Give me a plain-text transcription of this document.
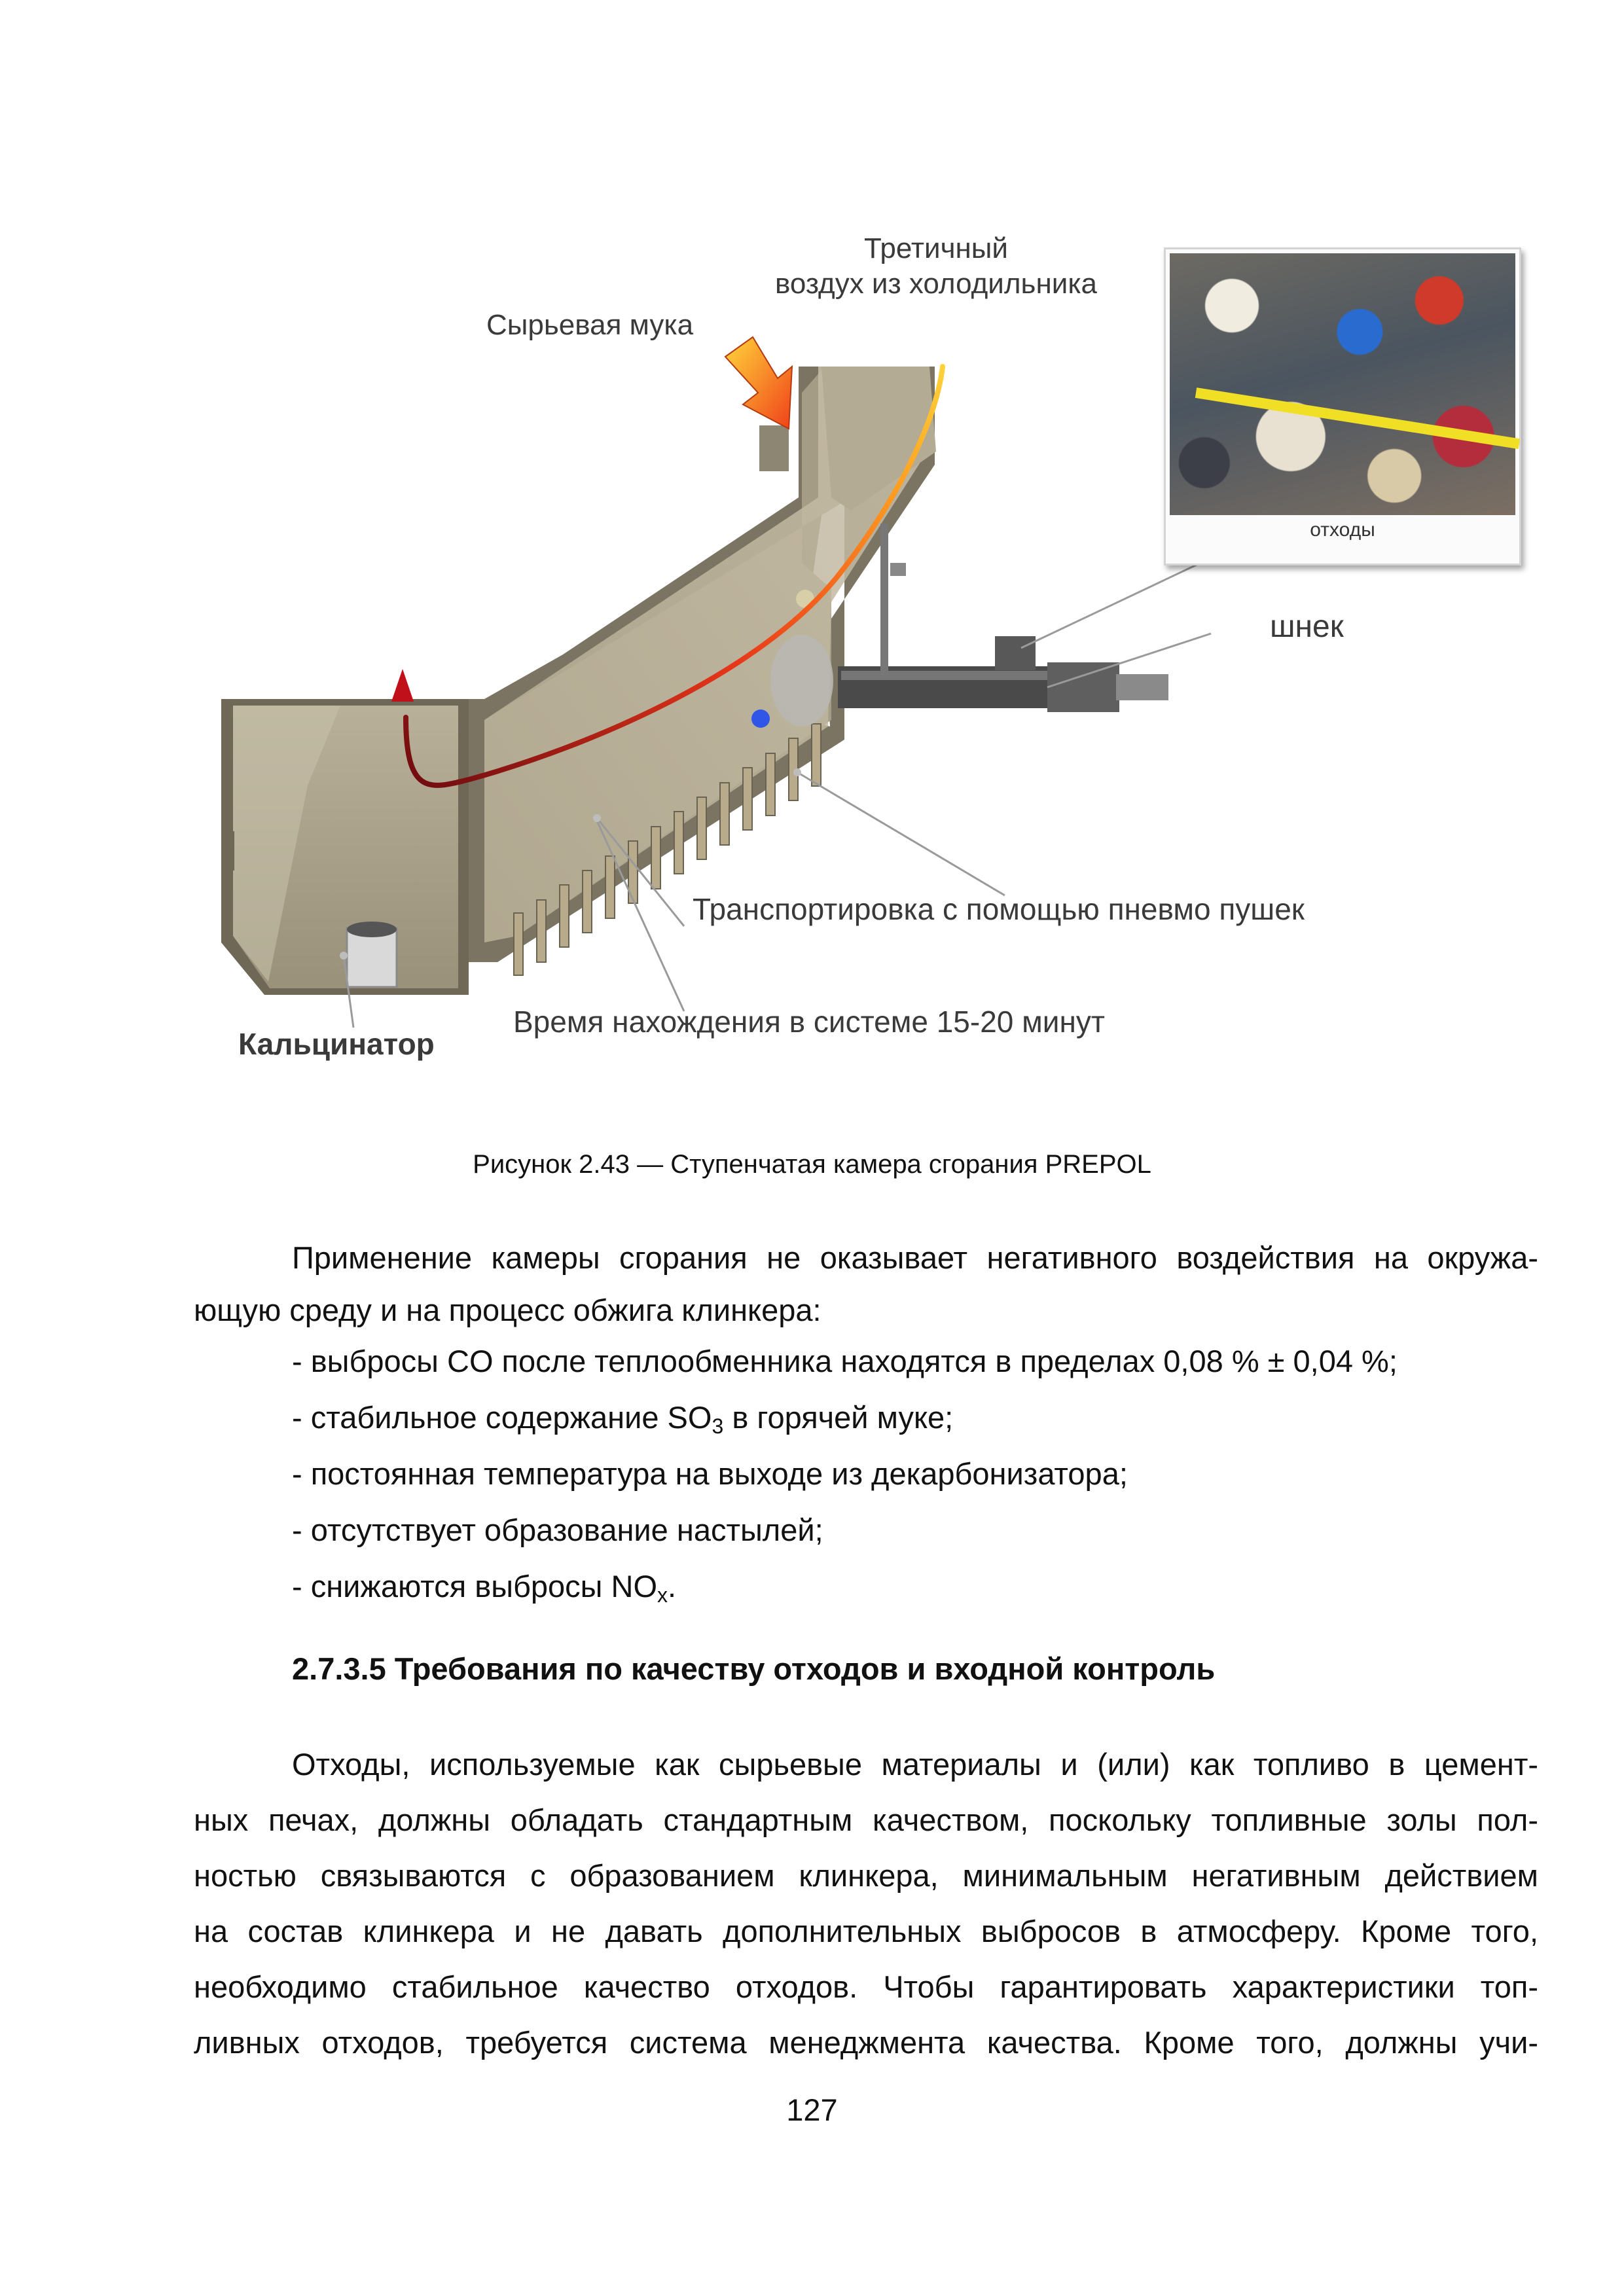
отходы
Третичный
воздух из холодильника
Сырьевая мука
шнек
Транспортировка с помощью пневмо пушек
Время нахождения в системе 15-20 минут
Кальцинатор
Рисунок 2.43 — Ступенчатая камера сгорания PREPOL

Применение камеры сгорания не оказывает негативного воздействия на окружа-

ющую среду и на процесс обжига клинкера:

- выбросы CO после теплообменника находятся в пределах 0,08 % ± 0,04 %;

- стабильное содержание $SO_3$ в горячей муке;

- постоянная температура на выходе из декарбонизатора;

- отсутствует образование настылей;

- снижаются выбросы $NO_x$.

2.7.3.5 Требования по качеству отходов и входной контроль

Отходы, используемые как сырьевые материалы и (или) как топливо в цемент-

ных печах, должны обладать стандартным качеством, поскольку топливные золы пол-

ностью связываются с образованием клинкера, минимальным негативным действием

на состав клинкера и не давать дополнительных выбросов в атмосферу. Кроме того,

необходимо стабильное качество отходов. Чтобы гарантировать характеристики топ-

ливных отходов, требуется система менеджмента качества. Кроме того, должны учи-

127
